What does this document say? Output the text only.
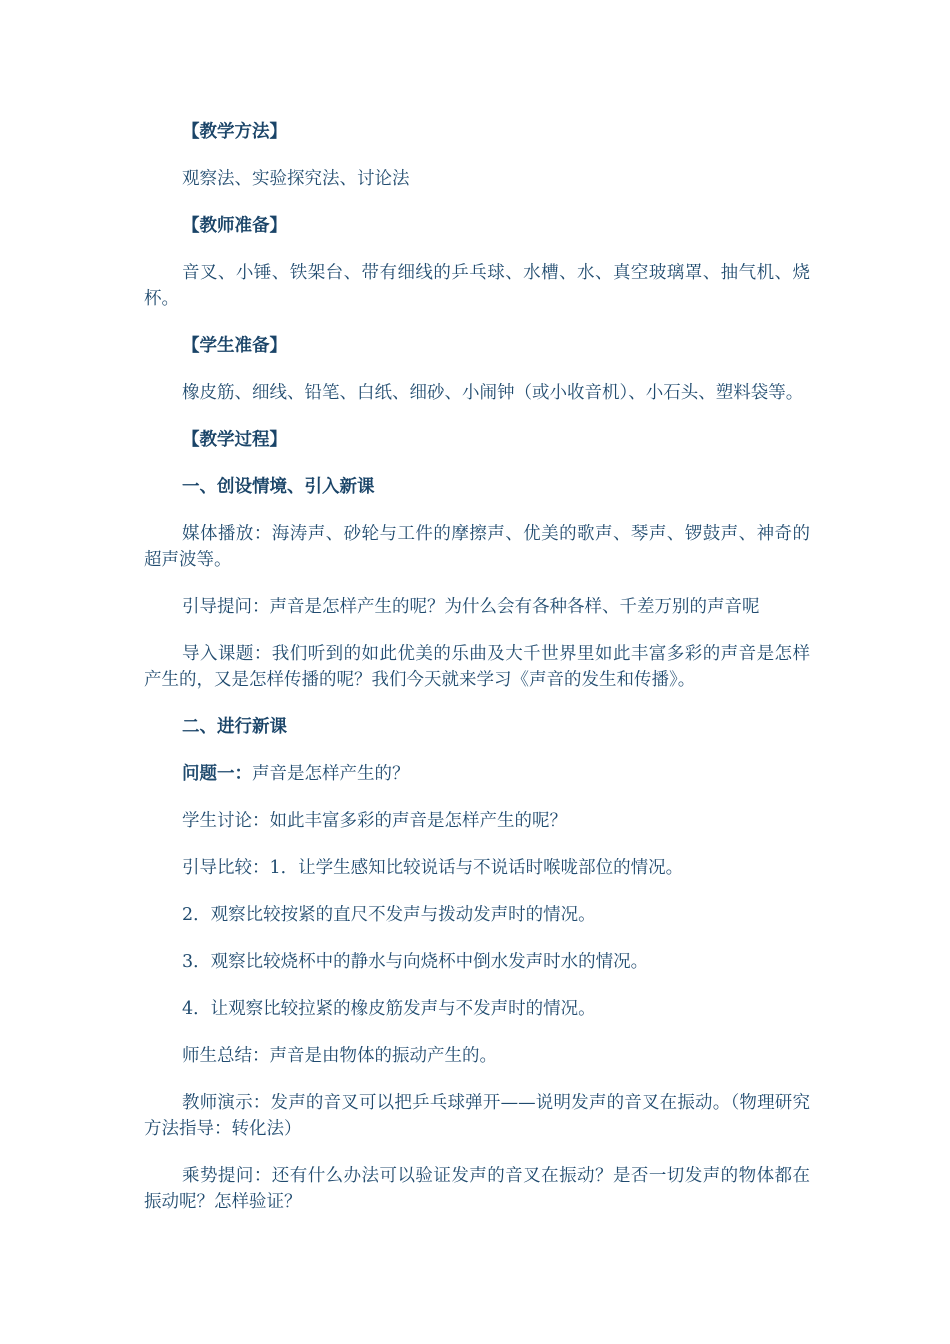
【教学方法】
观察法、实验探究法、讨论法
【教师准备】
音叉、小锤、铁架台、带有细线的乒乓球、水槽、水、真空玻璃罩、抽气机、烧杯。
【学生准备】
橡皮筋、细线、铅笔、白纸、细砂、小闹钟（或小收音机）、小石头、塑料袋等。
【教学过程】
一、创设情境、引入新课
媒体播放：海涛声、砂轮与工件的摩擦声、优美的歌声、琴声、锣鼓声、神奇的超声波等。
引导提问：声音是怎样产生的呢？为什么会有各种各样、千差万别的声音呢
导入课题：我们听到的如此优美的乐曲及大千世界里如此丰富多彩的声音是怎样产生的，又是怎样传播的呢？我们今天就来学习《声音的发生和传播》。
二、进行新课
问题一：声音是怎样产生的？
学生讨论：如此丰富多彩的声音是怎样产生的呢？
引导比较：1．让学生感知比较说话与不说话时喉咙部位的情况。
2．观察比较按紧的直尺不发声与拨动发声时的情况。
3．观察比较烧杯中的静水与向烧杯中倒水发声时水的情况。
4．让观察比较拉紧的橡皮筋发声与不发声时的情况。
师生总结：声音是由物体的振动产生的。
教师演示：发声的音叉可以把乒乓球弹开——说明发声的音叉在振动。（物理研究方法指导：转化法）
乘势提问：还有什么办法可以验证发声的音叉在振动？是否一切发声的物体都在振动呢？怎样验证？
